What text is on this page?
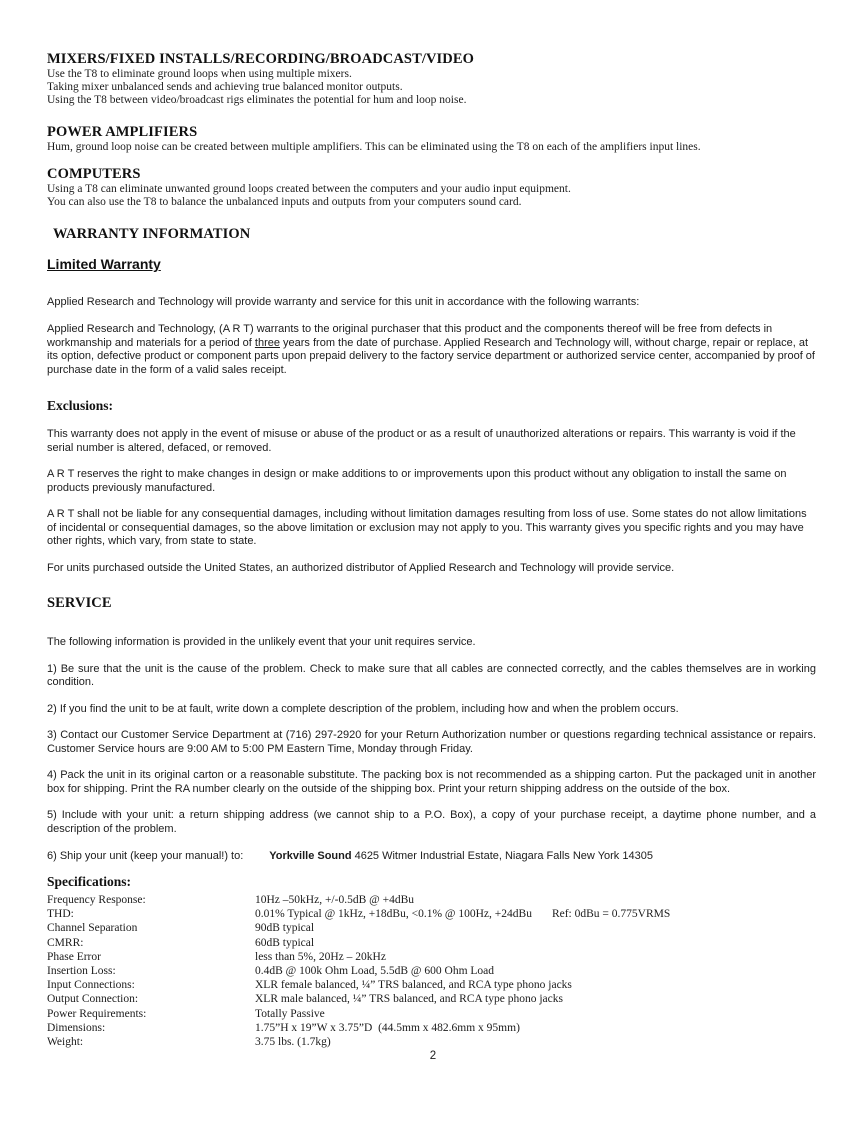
MIXERS/FIXED INSTALLS/RECORDING/BROADCAST/VIDEO
Use the T8 to eliminate ground loops when using multiple mixers.
Taking mixer unbalanced sends and achieving true balanced monitor outputs.
Using the T8 between video/broadcast rigs eliminates the potential for hum and loop noise.
POWER AMPLIFIERS
Hum, ground loop noise can be created between multiple amplifiers. This can be eliminated using the T8 on each of the amplifiers input lines.
COMPUTERS
Using a T8 can eliminate unwanted ground loops created between the computers and your audio input equipment.
You can also use the T8 to balance the unbalanced inputs and outputs from your computers sound card.
WARRANTY INFORMATION
Limited Warranty

Applied Research and Technology will provide warranty and service for this unit in accordance with the following warrants:

Applied Research and Technology, (A R T) warrants to the original purchaser that this product and the components thereof will be free from defects in workmanship and materials for a period of three years from the date of purchase. Applied Research and Technology will, without charge, repair or replace, at its option, defective product or component parts upon prepaid delivery to the factory service department or authorized service center, accompanied by proof of purchase date in the form of a valid sales receipt.

Exclusions:

This warranty does not apply in the event of misuse or abuse of the product or as a result of unauthorized alterations or repairs. This warranty is void if the serial number is altered, defaced, or removed.

A R T reserves the right to make changes in design or make additions to or improvements upon this product without any obligation to install the same on products previously manufactured.

A R T shall not be liable for any consequential damages, including without limitation damages resulting from loss of use. Some states do not allow limitations of incidental or consequential damages, so the above limitation or exclusion may not apply to you. This warranty gives you specific rights and you may have other rights, which vary, from state to state.

For units purchased outside the United States, an authorized distributor of Applied Research and Technology will provide service.

SERVICE

The following information is provided in the unlikely event that your unit requires service.

1) Be sure that the unit is the cause of the problem. Check to make sure that all cables are connected correctly, and the cables themselves are in working condition.

2) If you find the unit to be at fault, write down a complete description of the problem, including how and when the problem occurs.

3) Contact our Customer Service Department at (716) 297-2920 for your Return Authorization number or questions regarding technical assistance or repairs. Customer Service hours are 9:00 AM to 5:00 PM Eastern Time, Monday through Friday.

4) Pack the unit in its original carton or a reasonable substitute. The packing box is not recommended as a shipping carton. Put the packaged unit in another box for shipping. Print the RA number clearly on the outside of the shipping box. Print your return shipping address on the outside of the box.

5) Include with your unit: a return shipping address (we cannot ship to a P.O. Box), a copy of your purchase receipt, a daytime phone number, and a description of the problem.

6) Ship your unit (keep your manual!) to: Yorkville Sound 4625 Witmer Industrial Estate, Niagara Falls New York 14305

Specifications:
Frequency Response:	10Hz –50kHz, +/-0.5dB @ +4dBu
THD:	0.01% Typical @ 1kHz, +18dBu, <0.1% @ 100Hz, +24dBu Ref: 0dBu = 0.775VRMS
Channel Separation	90dB typical
CMRR:	60dB typical
Phase Error	less than 5%, 20Hz – 20kHz
Insertion Loss:	0.4dB @ 100k Ohm Load, 5.5dB @ 600 Ohm Load
Input Connections:	XLR female balanced, ¼” TRS balanced, and RCA type phono jacks
Output Connection:	XLR male balanced, ¼” TRS balanced, and RCA type phono jacks
Power Requirements:	Totally Passive
Dimensions:	1.75”H x 19”W x 3.75”D  (44.5mm x 482.6mm x 95mm)
Weight:	3.75 lbs. (1.7kg)
2
